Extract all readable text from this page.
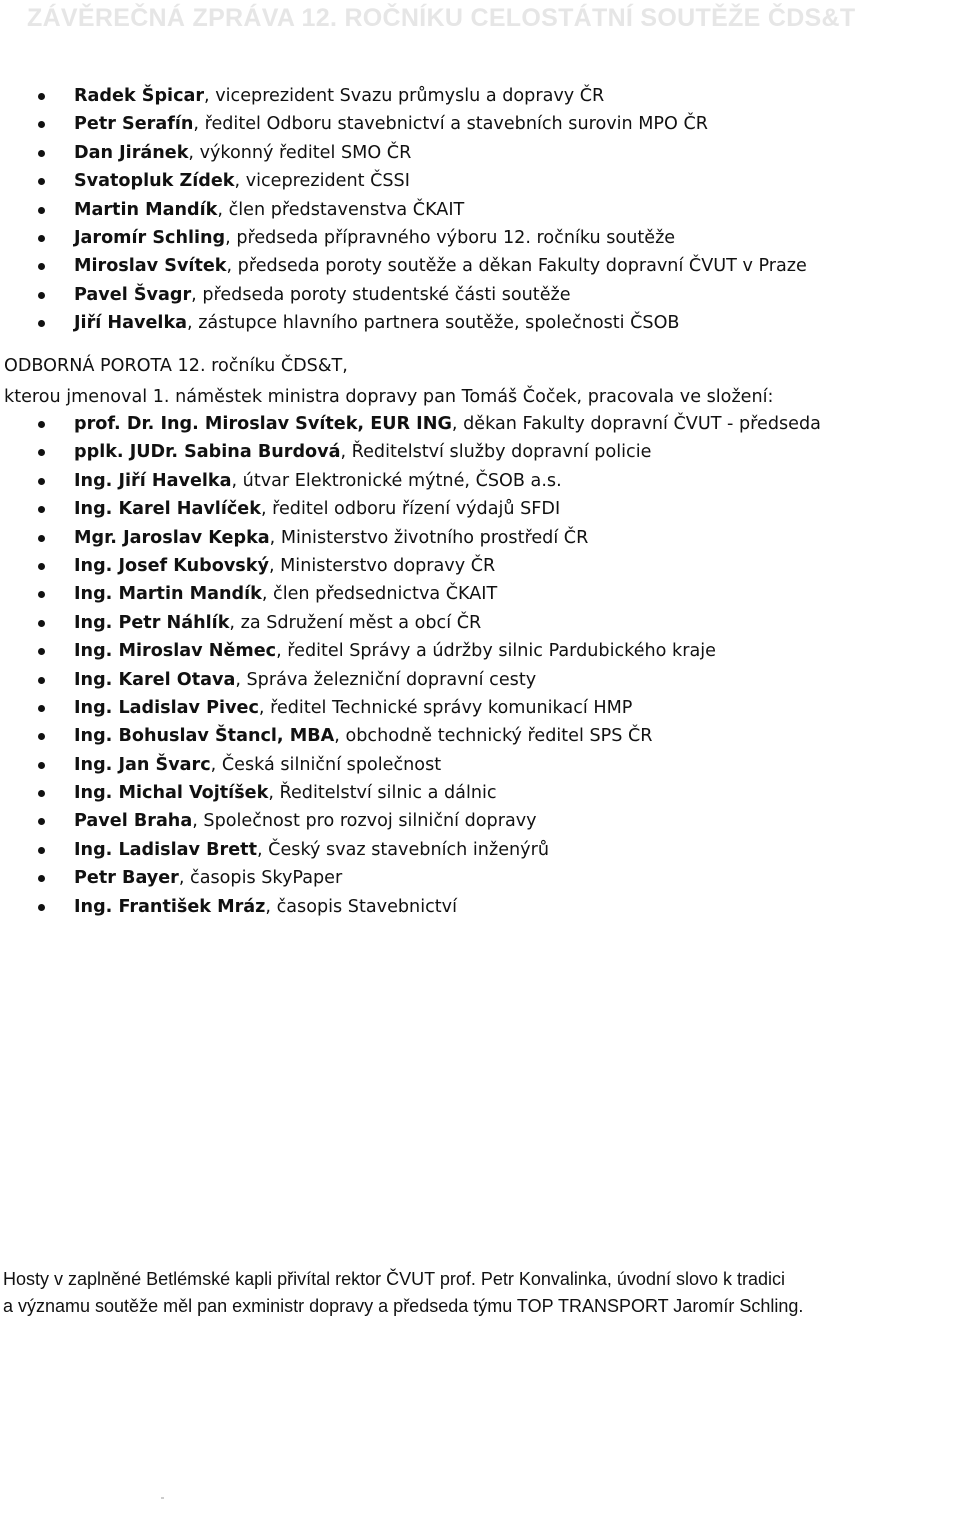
ZÁVĚREČNÁ ZPRÁVA 12. ROČNÍKU CELOSTÁTNÍ SOUTĚŽE ČDS&T
Radek Špicar, viceprezident Svazu průmyslu a dopravy ČR
Petr Serafín, ředitel Odboru stavebnictví a stavebních surovin MPO ČR
Dan Jiránek, výkonný ředitel SMO ČR
Svatopluk Zídek, viceprezident ČSSI
Martin Mandík, člen představenstva ČKAIT
Jaromír Schling, předseda přípravného výboru 12. ročníku soutěže
Miroslav Svítek, předseda poroty soutěže a děkan Fakulty dopravní ČVUT v Praze
Pavel Švagr, předseda poroty studentské části soutěže
Jiří Havelka, zástupce hlavního partnera soutěže, společnosti ČSOB
ODBORNÁ POROTA 12. ročníku ČDS&T,
kterou jmenoval 1. náměstek ministra dopravy pan Tomáš Čoček, pracovala ve složení:
prof. Dr. Ing. Miroslav Svítek, EUR ING, děkan Fakulty dopravní ČVUT - předseda
pplk. JUDr. Sabina Burdová, Ředitelství služby dopravní policie
Ing. Jiří Havelka, útvar Elektronické mýtné, ČSOB a.s.
Ing. Karel Havlíček, ředitel odboru řízení výdajů SFDI
Mgr. Jaroslav Kepka, Ministerstvo životního prostředí ČR
Ing. Josef Kubovský, Ministerstvo dopravy ČR
Ing. Martin Mandík, člen předsednictva ČKAIT
Ing. Petr Náhlík, za Sdružení měst a obcí ČR
Ing. Miroslav Němec, ředitel Správy a údržby silnic Pardubického kraje
Ing. Karel Otava, Správa železniční dopravní cesty
Ing. Ladislav Pivec, ředitel Technické správy komunikací HMP
Ing. Bohuslav Štancl, MBA, obchodně technický ředitel SPS ČR
Ing. Jan Švarc, Česká silniční společnost
Ing. Michal Vojtíšek, Ředitelství silnic a dálnic
Pavel Braha, Společnost pro rozvoj silniční dopravy
Ing. Ladislav Brett, Český svaz stavebních inženýrů
Petr Bayer, časopis SkyPaper
Ing. František Mráz, časopis Stavebnictví
Hosty v zaplněné Betlémské kapli přivítal rektor ČVUT prof. Petr Konvalinka, úvodní slovo k tradici
a významu soutěže měl pan exministr dopravy a předseda týmu TOP TRANSPORT Jaromír Schling.
